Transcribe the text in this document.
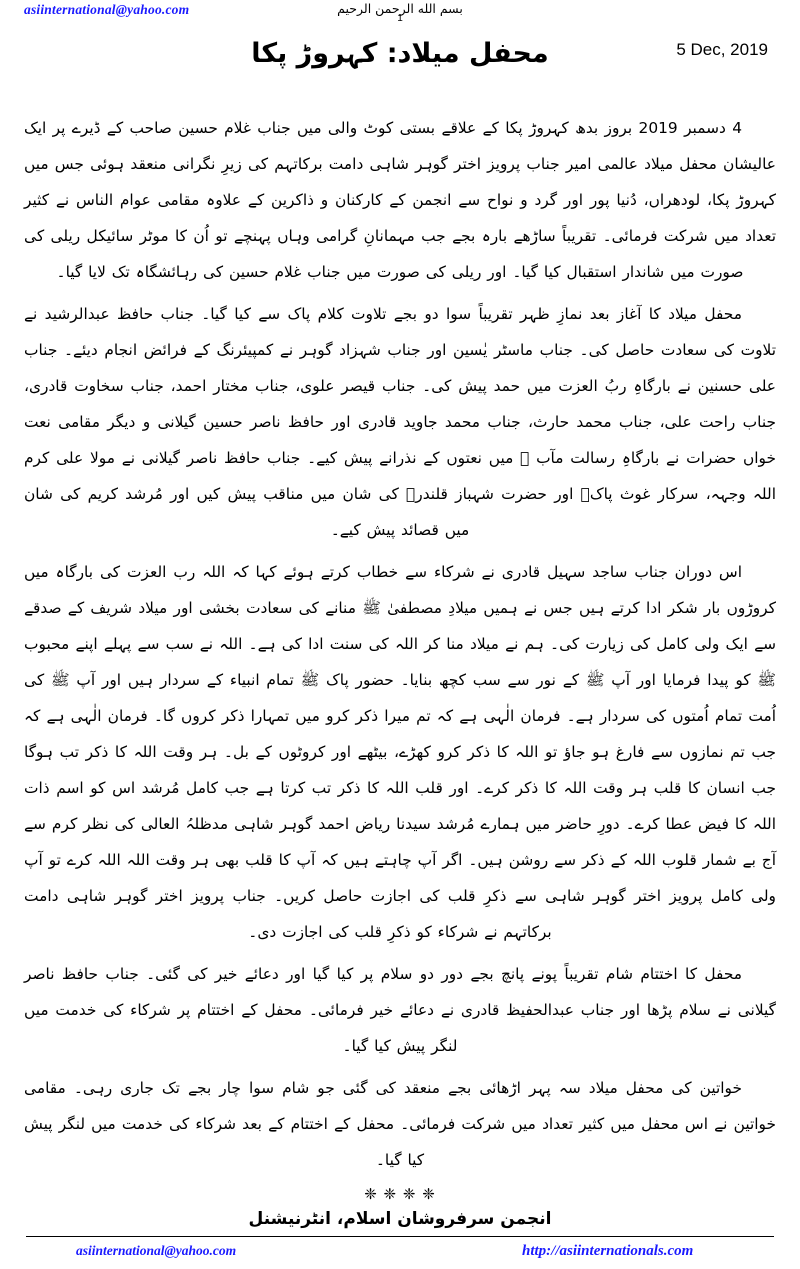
asiinternational@yahoo.com	بسم الله الرحمن الرحیم
1
محفل میلاد: کہروڑ پکا	5 Dec, 2019

4 دسمبر 2019 بروز بدھ کہروڑ پکا کے علاقے بستی کوٹ والی میں جناب غلام حسین صاحب کے ڈیرے پر ایک عالیشان محفل میلاد عالمی امیر جناب پرویز اختر گوہر شاہی دامت برکاتہم کی زیرِ نگرانی منعقد ہوئی جس میں کہروڑ پکا، لودھراں، دُنیا پور اور گرد و نواح سے انجمن کے کارکنان و ذاکرین کے علاوہ مقامی عوام الناس نے کثیر تعداد میں شرکت فرمائی۔ تقریباً ساڑھے بارہ بجے جب مہمانانِ گرامی وہاں پہنچے تو اُن کا موٹر سائیکل ریلی کی صورت میں شاندار استقبال کیا گیا۔ اور ریلی کی صورت میں جناب غلام حسین کی رہائشگاہ تک لایا گیا۔

محفل میلاد کا آغاز بعد نمازِ ظہر تقریباً سوا دو بجے تلاوت کلام پاک سے کیا گیا۔ جناب حافظ عبدالرشید نے تلاوت کی سعادت حاصل کی۔ جناب ماسٹر یٰسین اور جناب شہزاد گوہر نے کمپیئرنگ کے فرائض انجام دیئے۔ جناب علی حسنین نے بارگاہِ ربُ العزت میں حمد پیش کی۔ جناب قیصر علوی، جناب مختار احمد، جناب سخاوت قادری، جناب راحت علی، جناب محمد حارث، جناب محمد جاوید قادری اور حافظ ناصر حسین گیلانی و دیگر مقامی نعت خواں حضرات نے بارگاہِ رسالت مآب ﷺ میں نعتوں کے نذرانے پیش کیے۔ جناب حافظ ناصر گیلانی نے مولا علی کرم اللہ وجہہ، سرکار غوث پاکؒ اور حضرت شہباز قلندرؒ کی شان میں مناقب پیش کیں اور مُرشد کریم کی شان میں قصائد پیش کیے۔

اس دوران جناب ساجد سہیل قادری نے شرکاء سے خطاب کرتے ہوئے کہا کہ اللہ رب العزت کی بارگاہ میں کروڑوں بار شکر ادا کرتے ہیں جس نے ہمیں میلادِ مصطفیٰ ﷺ منانے کی سعادت بخشی اور میلاد شریف کے صدقے سے ایک ولی کامل کی زیارت کی۔ ہم نے میلاد منا کر اللہ کی سنت ادا کی ہے۔ اللہ نے سب سے پہلے اپنے محبوب ﷺ کو پیدا فرمایا اور آپ ﷺ کے نور سے سب کچھ بنایا۔ حضور پاک ﷺ تمام انبیاء کے سردار ہیں اور آپ ﷺ کی اُمت تمام اُمتوں کی سردار ہے۔ فرمان الٰہی ہے کہ تم میرا ذکر کرو میں تمہارا ذکر کروں گا۔ فرمان الٰہی ہے کہ جب تم نمازوں سے فارغ ہو جاؤ تو اللہ کا ذکر کرو کھڑے، بیٹھے اور کروٹوں کے بل۔ ہر وقت اللہ کا ذکر تب ہوگا جب انسان کا قلب ہر وقت اللہ کا ذکر کرے۔ اور قلب اللہ کا ذکر تب کرتا ہے جب کامل مُرشد اس کو اسم ذات اللہ کا فیض عطا کرے۔ دورِ حاضر میں ہمارے مُرشد سیدنا ریاض احمد گوہر شاہی مدظلہُ العالی کی نظر کرم سے آج بے شمار قلوب اللہ کے ذکر سے روشن ہیں۔ اگر آپ چاہتے ہیں کہ آپ کا قلب بھی ہر وقت اللہ اللہ کرے تو آپ ولی کامل پرویز اختر گوہر شاہی سے ذکرِ قلب کی اجازت حاصل کریں۔ جناب پرویز اختر گوہر شاہی دامت برکاتہم نے شرکاء کو ذکرِ قلب کی اجازت دی۔

محفل کا اختتام شام تقریباً پونے پانچ بجے دور دو سلام پر کیا گیا اور دعائے خیر کی گئی۔ جناب حافظ ناصر گیلانی نے سلام پڑھا اور جناب عبدالحفیظ قادری نے دعائے خیر فرمائی۔ محفل کے اختتام پر شرکاء کی خدمت میں لنگر پیش کیا گیا۔

خواتین کی محفل میلاد سہ پہر اڑھائی بجے منعقد کی گئی جو شام سوا چار بجے تک جاری رہی۔ مقامی خواتین نے اس محفل میں کثیر تعداد میں شرکت فرمائی۔ محفل کے اختتام کے بعد شرکاء کی خدمت میں لنگر پیش کیا گیا۔

❈ ❈ ❈ ❈
انجمن سرفروشان اسلام، انٹرنیشنل
asiinternational@yahoo.com	http://asiinternationals.com
